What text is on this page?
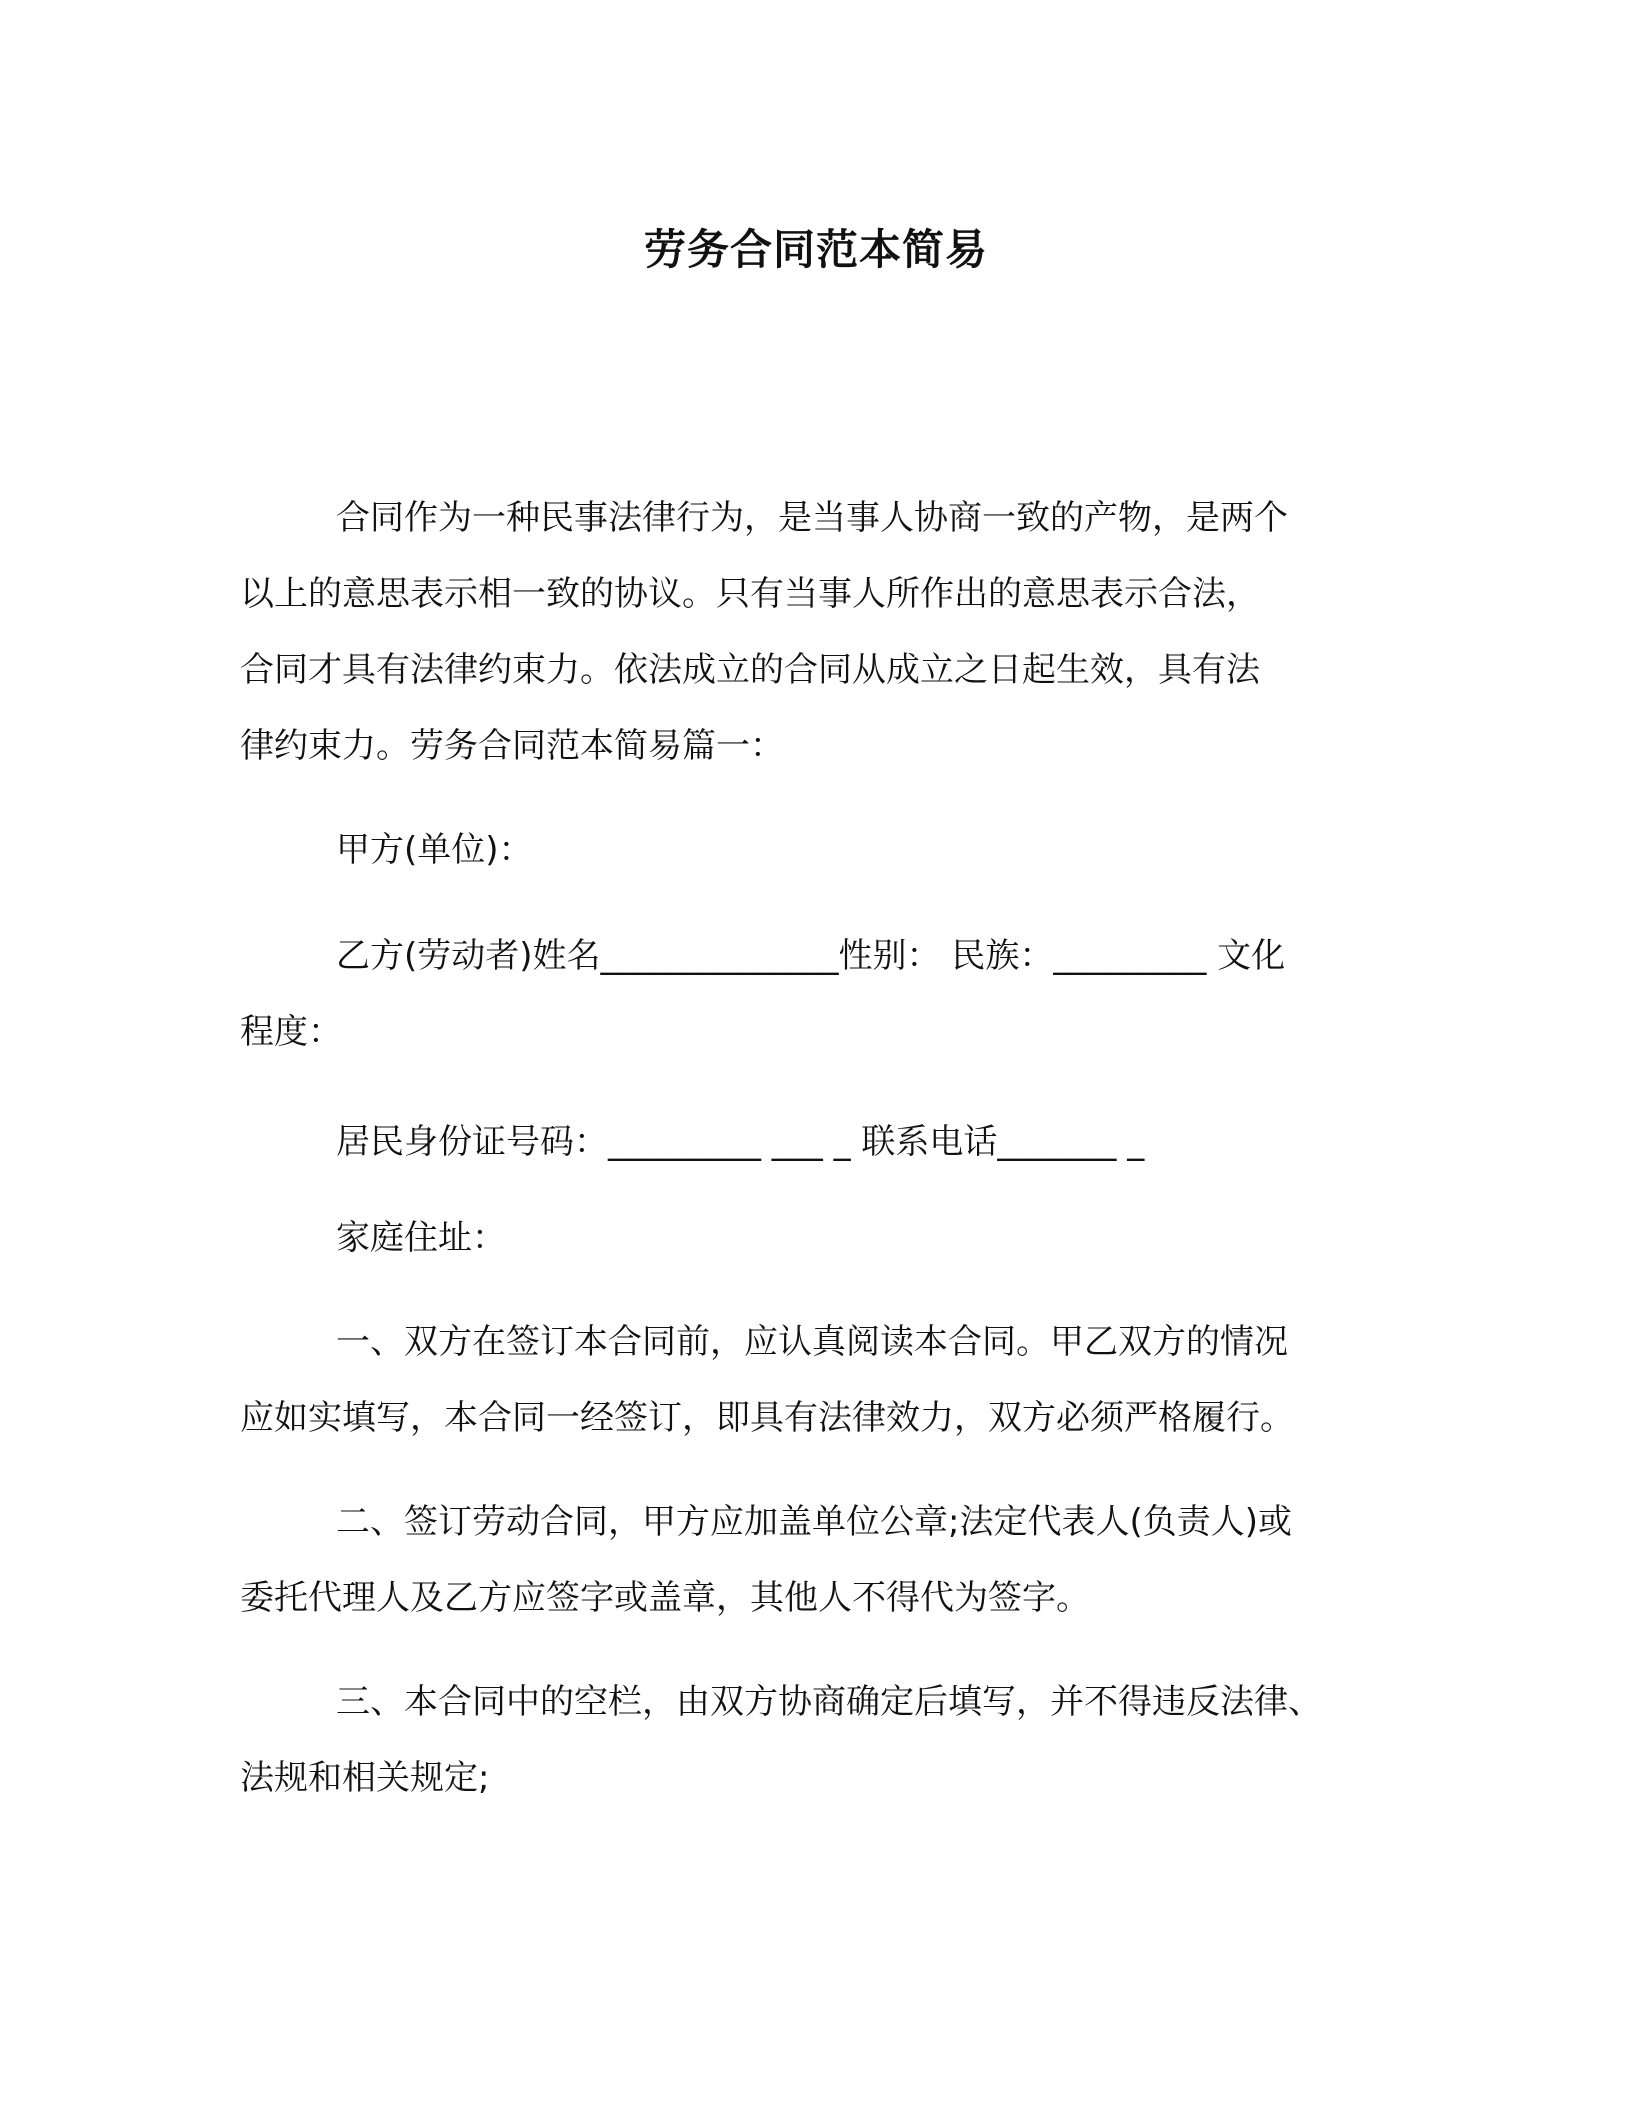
劳务合同范本简易
合同作为一种民事法律行为，是当事人协商一致的产物，是两个
以上的意思表示相一致的协议。只有当事人所作出的意思表示合法，
合同才具有法律约束力。依法成立的合同从成立之日起生效，具有法
律约束力。劳务合同范本简易篇一：
甲方(单位)：
乙方(劳动者)姓名______________性别： 民族：_________ 文化
程度：
居民身份证号码：_________ ___ _ 联系电话_______ _
家庭住址：
一、双方在签订本合同前，应认真阅读本合同。甲乙双方的情况
应如实填写，本合同一经签订，即具有法律效力，双方必须严格履行。
二、签订劳动合同，甲方应加盖单位公章;法定代表人(负责人)或
委托代理人及乙方应签字或盖章，其他人不得代为签字。
三、本合同中的空栏，由双方协商确定后填写，并不得违反法律、
法规和相关规定;
